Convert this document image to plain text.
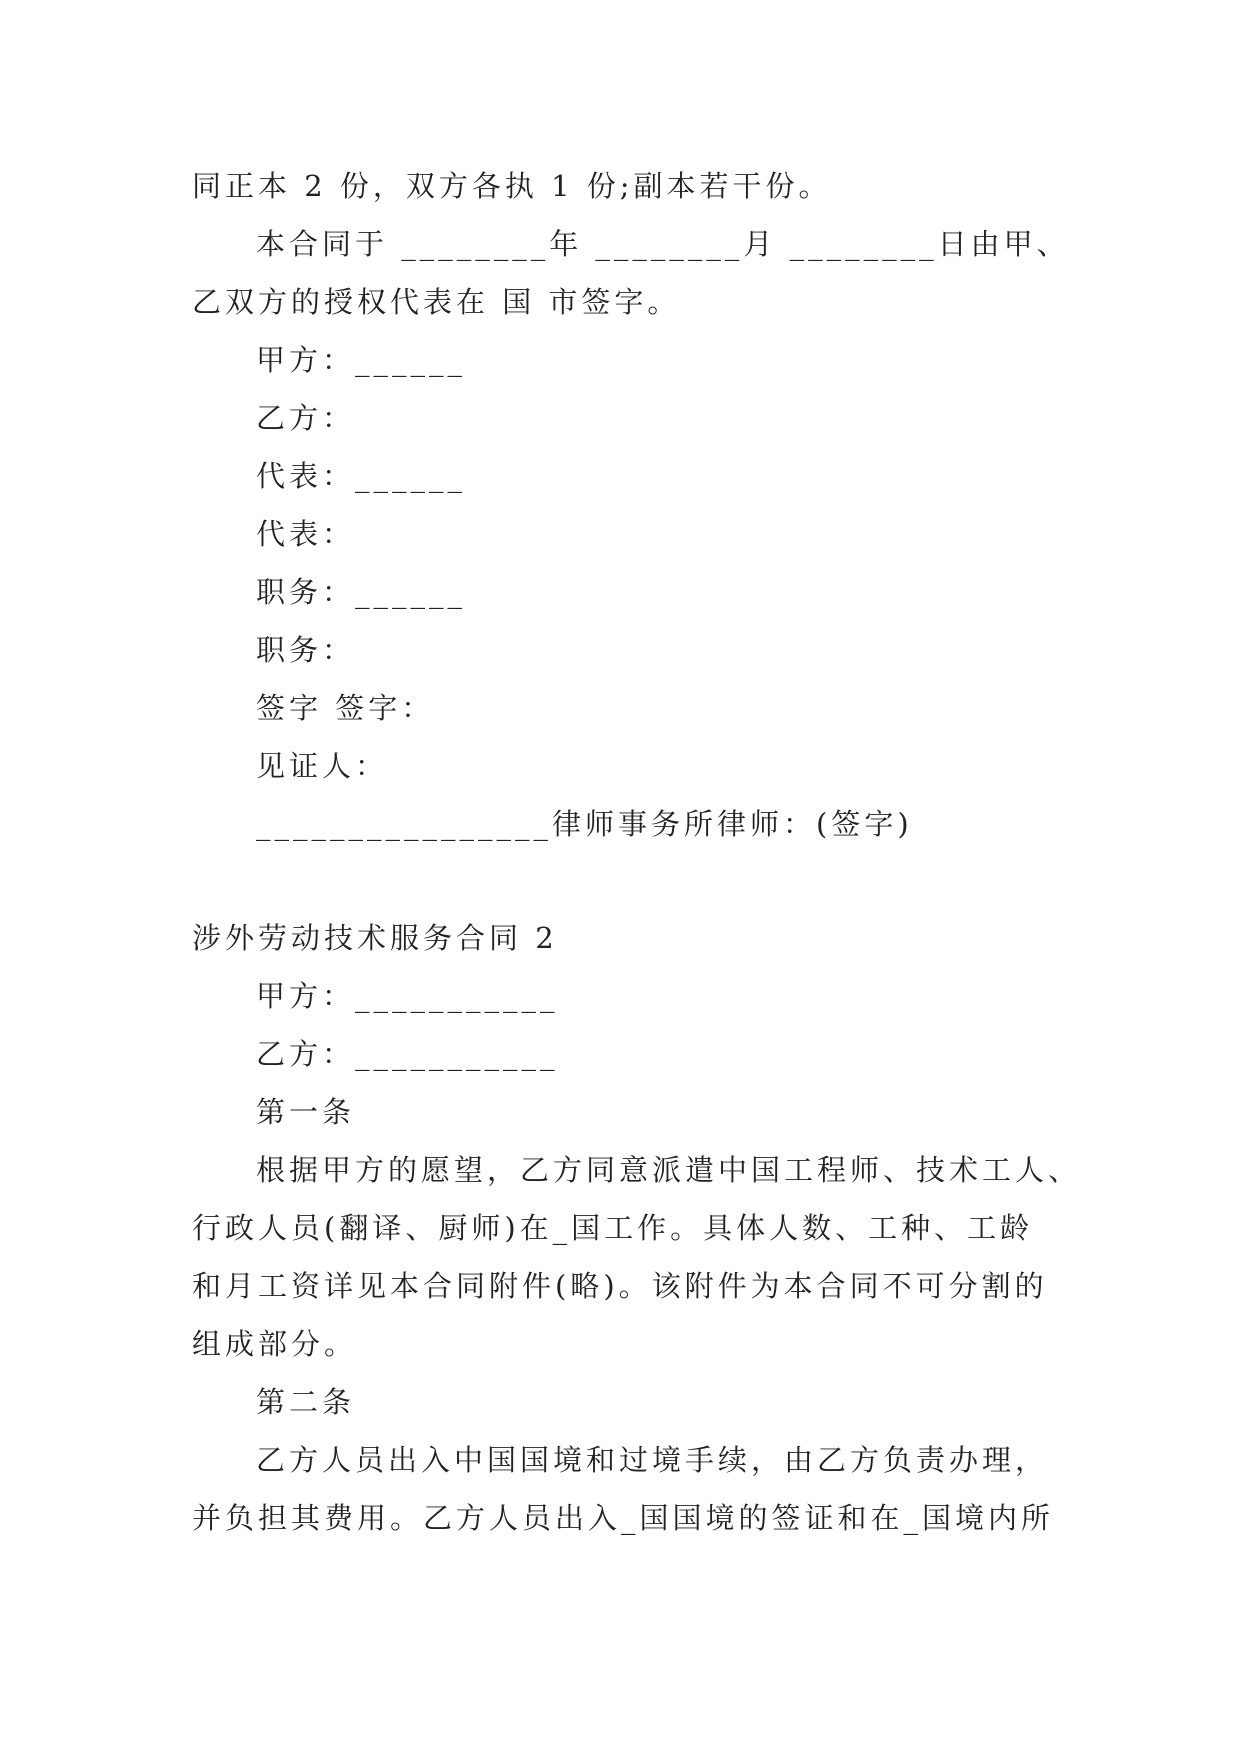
同正本 2 份，双方各执 1 份;副本若干份。
本合同于 ________年 ________月 ________日由甲、
乙双方的授权代表在 国 市签字。
甲方：______
乙方：
代表：______
代表：
职务：______
职务：
签字 签字：
见证人：
________________律师事务所律师：(签字)
涉外劳动技术服务合同 2
甲方：___________
乙方：___________
第一条
根据甲方的愿望，乙方同意派遣中国工程师、技术工人、
行政人员(翻译、厨师)在_国工作。具体人数、工种、工龄
和月工资详见本合同附件(略)。该附件为本合同不可分割的
组成部分。
第二条
乙方人员出入中国国境和过境手续，由乙方负责办理，
并负担其费用。乙方人员出入_国国境的签证和在_国境内所
